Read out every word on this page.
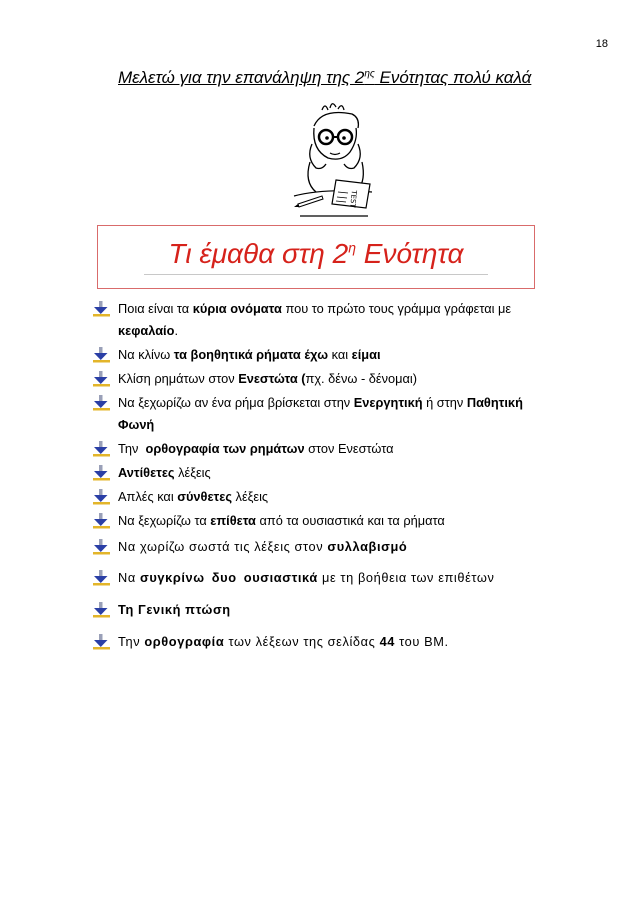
18
Μελετώ για την επανάληψη της $2^{\eta\varsigma}$ Ενότητας πολύ καλά
TEST
Τι έμαθα στη $2^\eta$ Ενότητα
Ποια είναι τα κύρια ονόματα που το πρώτο τους γράμμα γράφεται με
κεφαλαίο.
Να κλίνω τα βοηθητικά ρήματα έχω και είμαι
Κλίση ρημάτων στον Ενεστώτα (πχ. δένω - δένομαι)
Να ξεχωρίζω αν ένα ρήμα βρίσκεται στην Ενεργητική ή στην Παθητική
Φωνή
Την  ορθογραφία των ρημάτων στον Ενεστώτα
Αντίθετες λέξεις
Απλές και σύνθετες λέξεις
Να ξεχωρίζω τα επίθετα από τα ουσιαστικά και τα ρήματα
Να χωρίζω σωστά τις λέξεις στον συλλαβισμό
Να συγκρίνω δυο ουσιαστικά με τη βοήθεια των επιθέτων
Τη Γενική πτώση
Την ορθογραφία των λέξεων της σελίδας 44 του ΒΜ.
